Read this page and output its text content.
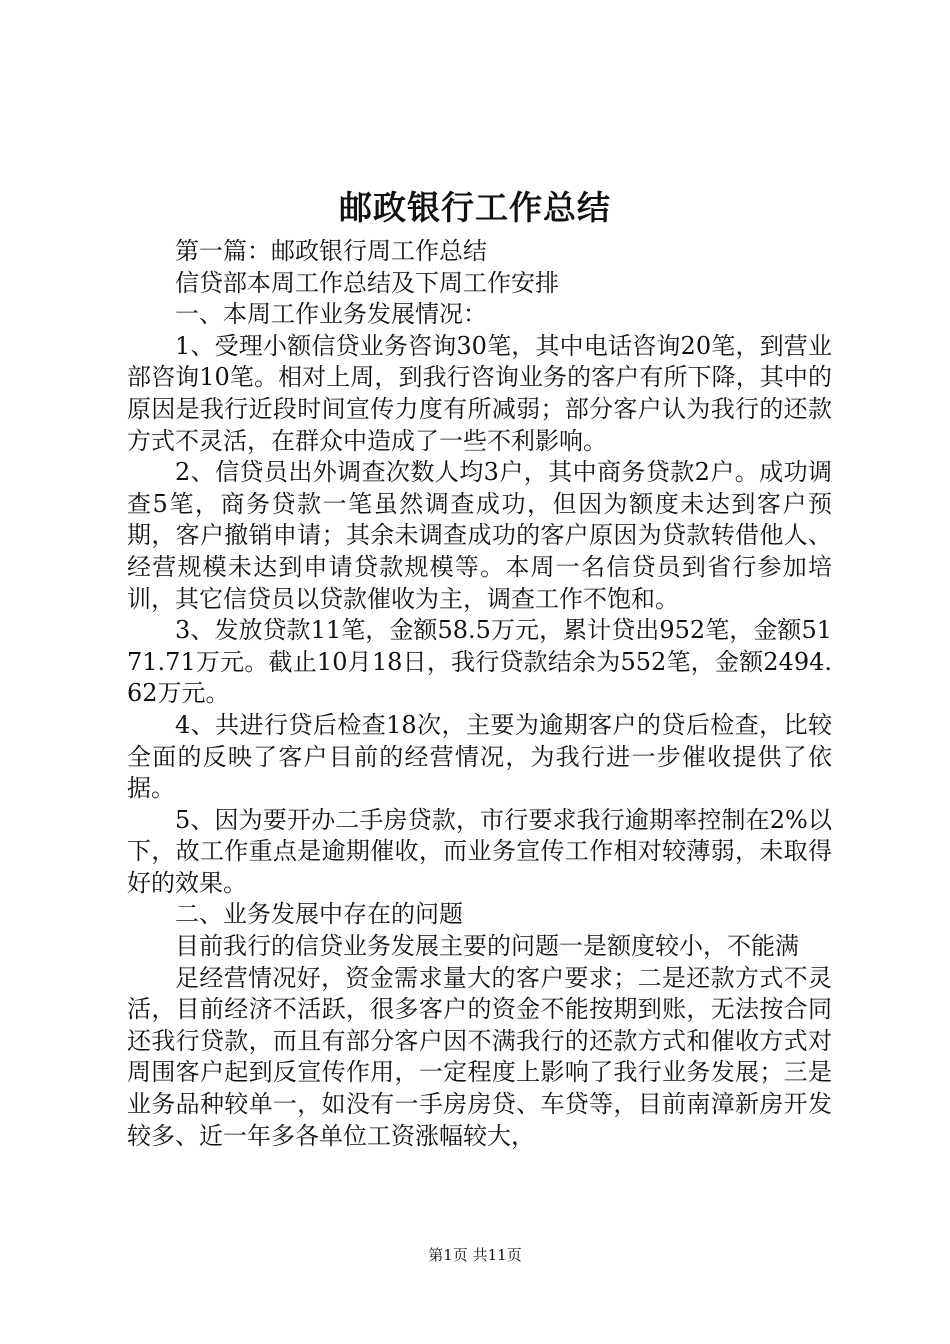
邮政银行工作总结

第一篇：邮政银行周工作总结

信贷部本周工作总结及下周工作安排

一、本周工作业务发展情况：

1、受理小额信贷业务咨询30笔，其中电话咨询20笔，到营业部咨询10笔。相对上周，到我行咨询业务的客户有所下降，其中的原因是我行近段时间宣传力度有所减弱；部分客户认为我行的还款方式不灵活，在群众中造成了一些不利影响。

2、信贷员出外调查次数人均3户，其中商务贷款2户。成功调查5笔，商务贷款一笔虽然调查成功，但因为额度未达到客户预期，客户撤销申请；其余未调查成功的客户原因为贷款转借他人、经营规模未达到申请贷款规模等。本周一名信贷员到省行参加培训，其它信贷员以贷款催收为主，调查工作不饱和。

3、发放贷款11笔，金额58.5万元，累计贷出952笔，金额5171.71万元。截止10月18日，我行贷款结余为552笔，金额2494.62万元。

4、共进行贷后检查18次，主要为逾期客户的贷后检查，比较全面的反映了客户目前的经营情况，为我行进一步催收提供了依据。

5、因为要开办二手房贷款，市行要求我行逾期率控制在2%以下，故工作重点是逾期催收，而业务宣传工作相对较薄弱，未取得好的效果。

二、业务发展中存在的问题

目前我行的信贷业务发展主要的问题一是额度较小，不能满

足经营情况好，资金需求量大的客户要求；二是还款方式不灵活，目前经济不活跃，很多客户的资金不能按期到账，无法按合同还我行贷款，而且有部分客户因不满我行的还款方式和催收方式对周围客户起到反宣传作用，一定程度上影响了我行业务发展；三是业务品种较单一，如没有一手房房贷、车贷等，目前南漳新房开发较多、近一年多各单位工资涨幅较大，

第1页 共11页
